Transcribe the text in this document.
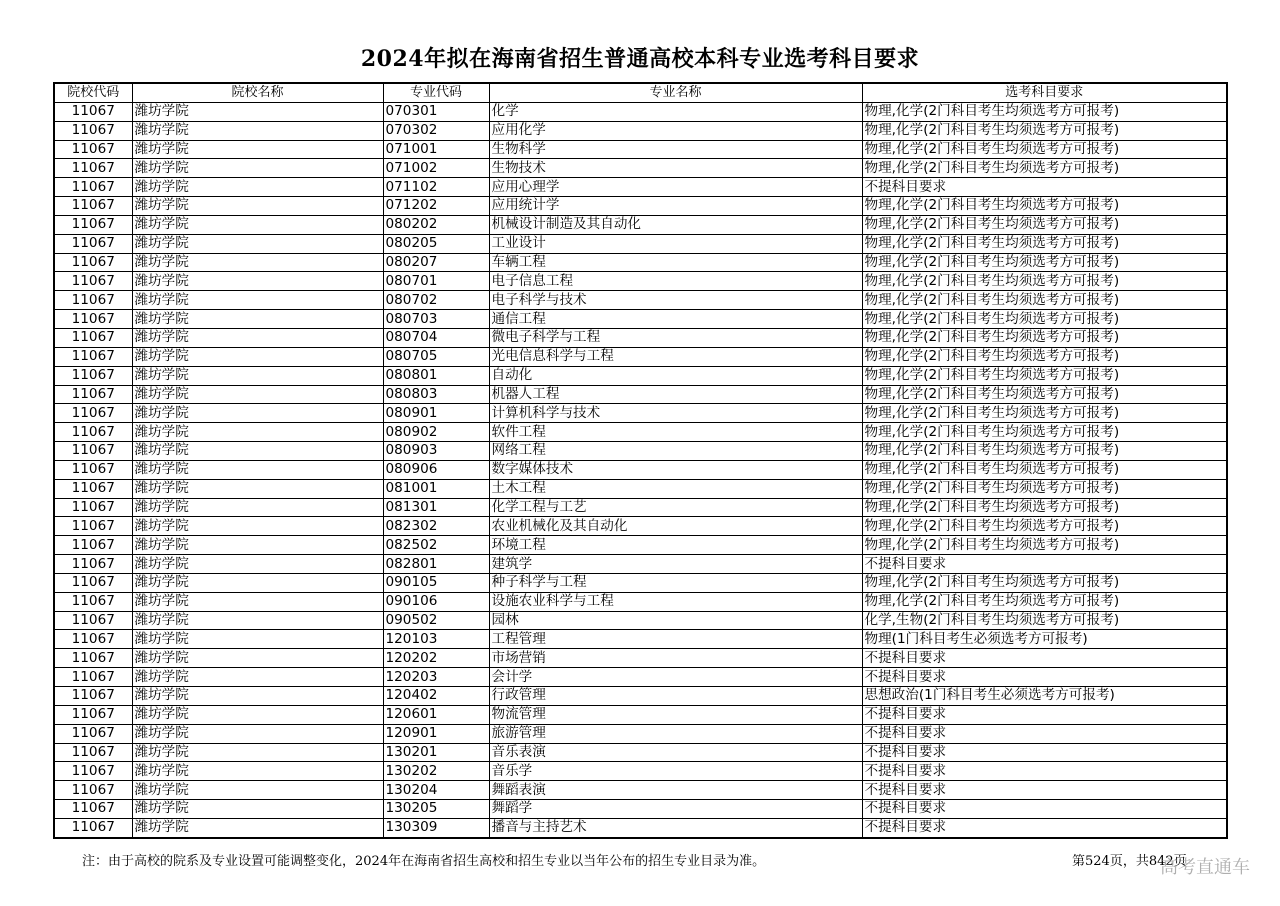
2024年拟在海南省招生普通高校本科专业选考科目要求
院校代码	院校名称	专业代码	专业名称	选考科目要求
11067	潍坊学院	070301	化学	物理,化学(2门科目考生均须选考方可报考)
11067	潍坊学院	070302	应用化学	物理,化学(2门科目考生均须选考方可报考)
11067	潍坊学院	071001	生物科学	物理,化学(2门科目考生均须选考方可报考)
11067	潍坊学院	071002	生物技术	物理,化学(2门科目考生均须选考方可报考)
11067	潍坊学院	071102	应用心理学	不提科目要求
11067	潍坊学院	071202	应用统计学	物理,化学(2门科目考生均须选考方可报考)
11067	潍坊学院	080202	机械设计制造及其自动化	物理,化学(2门科目考生均须选考方可报考)
11067	潍坊学院	080205	工业设计	物理,化学(2门科目考生均须选考方可报考)
11067	潍坊学院	080207	车辆工程	物理,化学(2门科目考生均须选考方可报考)
11067	潍坊学院	080701	电子信息工程	物理,化学(2门科目考生均须选考方可报考)
11067	潍坊学院	080702	电子科学与技术	物理,化学(2门科目考生均须选考方可报考)
11067	潍坊学院	080703	通信工程	物理,化学(2门科目考生均须选考方可报考)
11067	潍坊学院	080704	微电子科学与工程	物理,化学(2门科目考生均须选考方可报考)
11067	潍坊学院	080705	光电信息科学与工程	物理,化学(2门科目考生均须选考方可报考)
11067	潍坊学院	080801	自动化	物理,化学(2门科目考生均须选考方可报考)
11067	潍坊学院	080803	机器人工程	物理,化学(2门科目考生均须选考方可报考)
11067	潍坊学院	080901	计算机科学与技术	物理,化学(2门科目考生均须选考方可报考)
11067	潍坊学院	080902	软件工程	物理,化学(2门科目考生均须选考方可报考)
11067	潍坊学院	080903	网络工程	物理,化学(2门科目考生均须选考方可报考)
11067	潍坊学院	080906	数字媒体技术	物理,化学(2门科目考生均须选考方可报考)
11067	潍坊学院	081001	土木工程	物理,化学(2门科目考生均须选考方可报考)
11067	潍坊学院	081301	化学工程与工艺	物理,化学(2门科目考生均须选考方可报考)
11067	潍坊学院	082302	农业机械化及其自动化	物理,化学(2门科目考生均须选考方可报考)
11067	潍坊学院	082502	环境工程	物理,化学(2门科目考生均须选考方可报考)
11067	潍坊学院	082801	建筑学	不提科目要求
11067	潍坊学院	090105	种子科学与工程	物理,化学(2门科目考生均须选考方可报考)
11067	潍坊学院	090106	设施农业科学与工程	物理,化学(2门科目考生均须选考方可报考)
11067	潍坊学院	090502	园林	化学,生物(2门科目考生均须选考方可报考)
11067	潍坊学院	120103	工程管理	物理(1门科目考生必须选考方可报考)
11067	潍坊学院	120202	市场营销	不提科目要求
11067	潍坊学院	120203	会计学	不提科目要求
11067	潍坊学院	120402	行政管理	思想政治(1门科目考生必须选考方可报考)
11067	潍坊学院	120601	物流管理	不提科目要求
11067	潍坊学院	120901	旅游管理	不提科目要求
11067	潍坊学院	130201	音乐表演	不提科目要求
11067	潍坊学院	130202	音乐学	不提科目要求
11067	潍坊学院	130204	舞蹈表演	不提科目要求
11067	潍坊学院	130205	舞蹈学	不提科目要求
11067	潍坊学院	130309	播音与主持艺术	不提科目要求
注：由于高校的院系及专业设置可能调整变化，2024年在海南省招生高校和招生专业以当年公布的招生专业目录为准。	第524页，共842页
高考直通车
